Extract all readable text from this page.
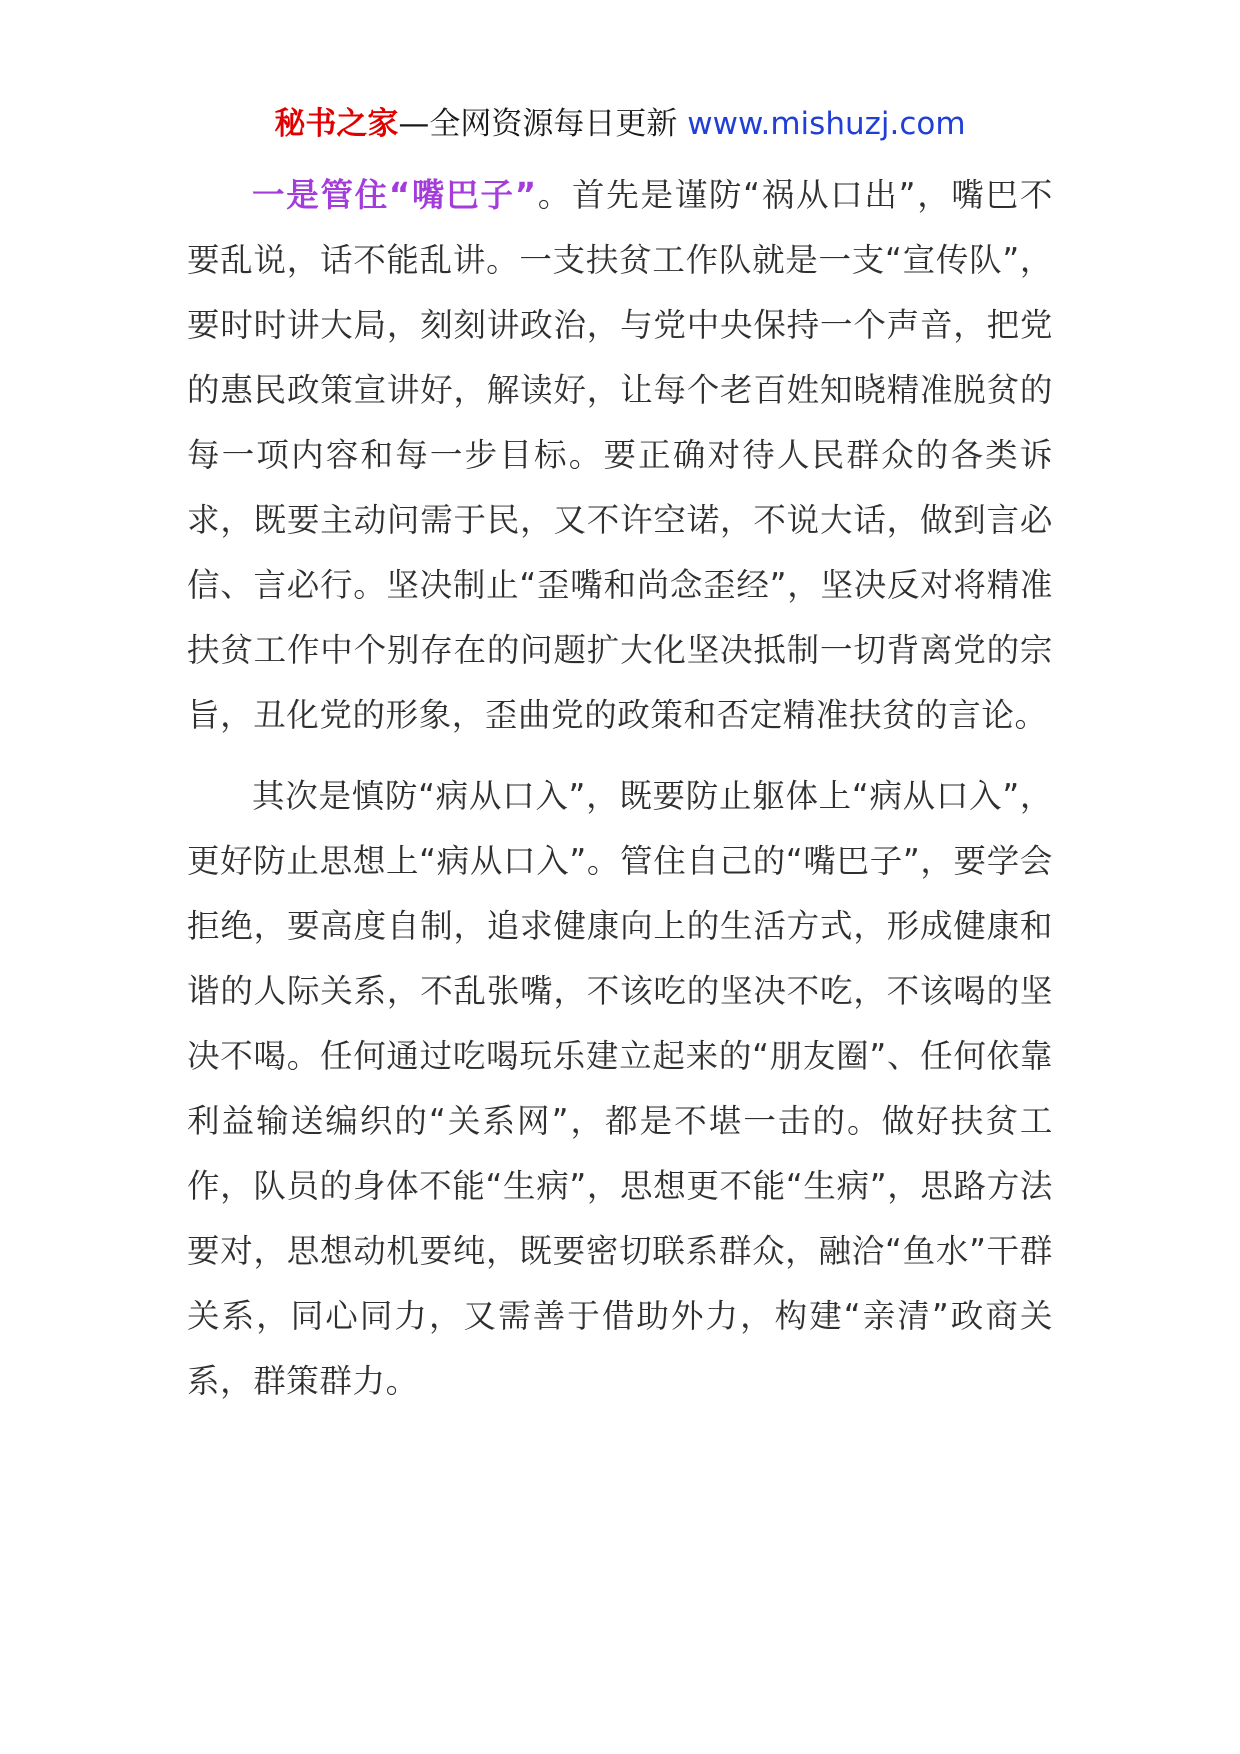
秘书之家—全网资源每日更新 www.mishuzj.com

一是管住“嘴巴子”。首先是谨防“祸从口出”，嘴巴不要乱说，话不能乱讲。一支扶贫工作队就是一支“宣传队”，要时时讲大局，刻刻讲政治，与党中央保持一个声音，把党的惠民政策宣讲好，解读好，让每个老百姓知晓精准脱贫的每一项内容和每一步目标。要正确对待人民群众的各类诉求，既要主动问需于民，又不许空诺，不说大话，做到言必信、言必行。坚决制止“歪嘴和尚念歪经”，坚决反对将精准扶贫工作中个别存在的问题扩大化坚决抵制一切背离党的宗旨，丑化党的形象，歪曲党的政策和否定精准扶贫的言论。

其次是慎防“病从口入”，既要防止躯体上“病从口入”，更好防止思想上“病从口入”。管住自己的“嘴巴子”，要学会拒绝，要高度自制，追求健康向上的生活方式，形成健康和谐的人际关系，不乱张嘴，不该吃的坚决不吃，不该喝的坚决不喝。任何通过吃喝玩乐建立起来的“朋友圈”、任何依靠利益输送编织的“关系网”，都是不堪一击的。做好扶贫工作，队员的身体不能“生病”，思想更不能“生病”，思路方法要对，思想动机要纯，既要密切联系群众，融洽“鱼水”干群关系，同心同力，又需善于借助外力，构建“亲清”政商关系，群策群力。
